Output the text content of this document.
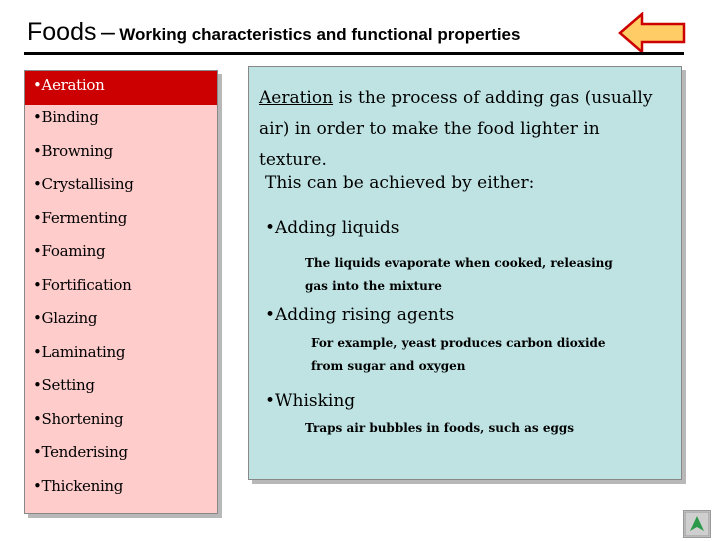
Foods – Working characteristics and functional properties
•Aeration
•Binding
•Browning
•Crystallising
•Fermenting
•Foaming
•Fortification
•Glazing
•Laminating
•Setting
•Shortening
•Tenderising
•Thickening
Aeration is the process of adding gas (usually air) in order to make the food lighter in texture.
This can be achieved by either:
•Adding liquids
The liquids evaporate when cooked, releasing gas into the mixture
•Adding rising agents
For example, yeast produces carbon dioxide from sugar and oxygen
•Whisking
Traps air bubbles in foods, such as eggs
